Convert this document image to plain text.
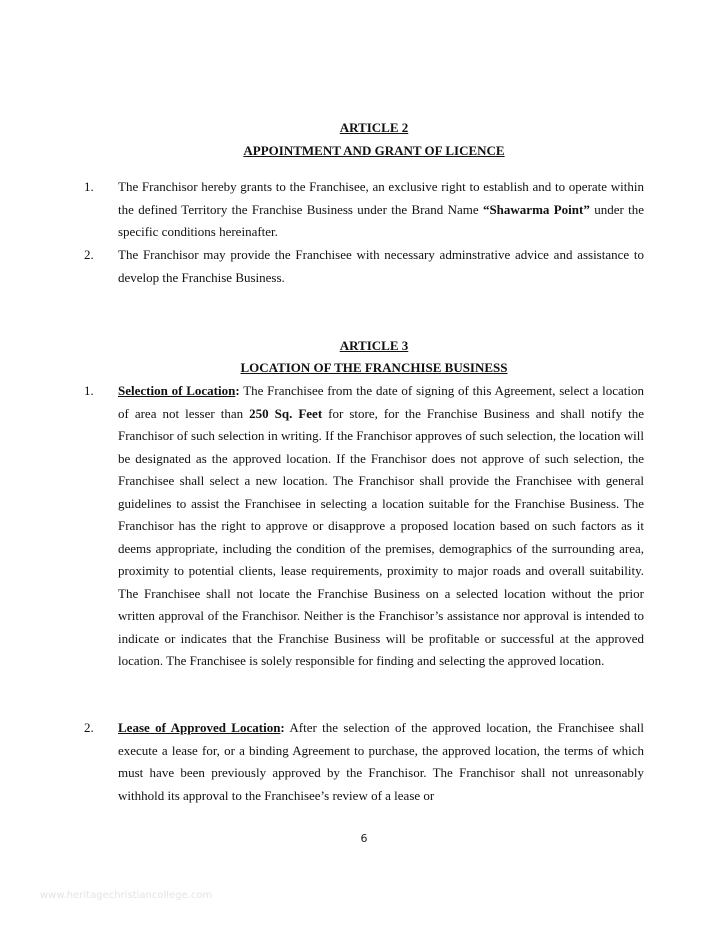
ARTICLE 2
APPOINTMENT AND GRANT OF LICENCE
1. The Franchisor hereby grants to the Franchisee, an exclusive right to establish and to operate within the defined Territory the Franchise Business under the Brand Name “Shawarma Point” under the specific conditions hereinafter.
2. The Franchisor may provide the Franchisee with necessary adminstrative advice and assistance to develop the Franchise Business.
ARTICLE 3
LOCATION OF THE FRANCHISE BUSINESS
1. Selection of Location: The Franchisee from the date of signing of this Agreement, select a location of area not lesser than 250 Sq. Feet for store, for the Franchise Business and shall notify the Franchisor of such selection in writing. If the Franchisor approves of such selection, the location will be designated as the approved location. If the Franchisor does not approve of such selection, the Franchisee shall select a new location. The Franchisor shall provide the Franchisee with general guidelines to assist the Franchisee in selecting a location suitable for the Franchise Business. The Franchisor has the right to approve or disapprove a proposed location based on such factors as it deems appropriate, including the condition of the premises, demographics of the surrounding area, proximity to potential clients, lease requirements, proximity to major roads and overall suitability. The Franchisee shall not locate the Franchise Business on a selected location without the prior written approval of the Franchisor. Neither is the Franchisor’s assistance nor approval is intended to indicate or indicates that the Franchise Business will be profitable or successful at the approved location. The Franchisee is solely responsible for finding and selecting the approved location.
2. Lease of Approved Location: After the selection of the approved location, the Franchisee shall execute a lease for, or a binding Agreement to purchase, the approved location, the terms of which must have been previously approved by the Franchisor. The Franchisor shall not unreasonably withhold its approval to the Franchisee’s review of a lease or
6
www.heritagechristiancollege.com
